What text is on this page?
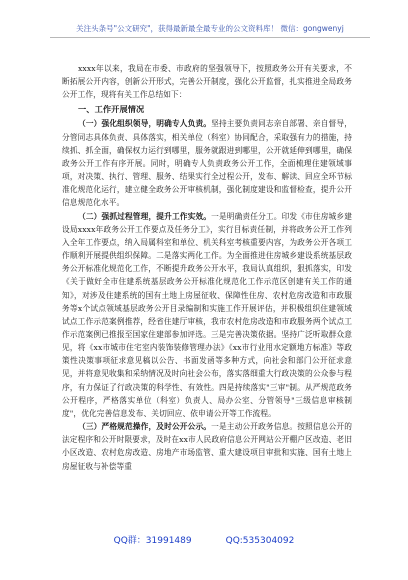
关注头条号"公文研究"，获得最新最全最专业的公文资料库！ 微信：gongwenyj

xxxx年以来，我局在市委、市政府的坚强领导下，按照政务公开有关要求，不断拓展公开内容，创新公开形式，完善公开制度，强化公开监督，扎实推进全局政务公开工作，现将有关工作总结如下：

一、工作开展情况

（一）强化组织领导，明确专人负责。坚持主要负责同志亲自部署、亲自督导，分管同志具体负责、具体落实，相关单位（科室）协同配合，采取强有力的措施，持续抓、抓全面，确保权力运行到哪里，服务就跟进到哪里，公开就延伸到哪里，确保政务公开工作有序开展。同时，明确专人负责政务公开工作，全面梳理住建领域事项，对决策、执行、管理、服务、结果实行全过程公开，发布、解读、回应全环节标准化规范化运行，建立健全政务公开审核机制，强化制度建设和监督检查，提升公开信息规范化水平。

（二）强抓过程管理，提升工作实效。一是明确责任分工。印发《市住房城乡建设局xxxx年政务公开工作要点及任务分工》，实行目标责任制，并将政务公开工作列入全年工作要点，纳入局属科室和单位、机关科室考核重要内容，为政务公开各项工作顺利开展提供组织保障。二是落实两化工作。为全面推进住房城乡建设系统基层政务公开标准化规范化工作，不断提升政务公开水平，我局认真组织，狠抓落实，印发《关于做好全市住建系统基层政务公开标准化规范化工作示范区创建有关工作的通知》，对涉及住建系统的国有土地上房屋征收、保障性住房、农村危房改造和市政服务等x个试点领域基层政务公开目录编制和实施工作开展评估，并积极组织住建领域试点工作示范案例推荐，经省住建厅审核，我市农村危房改造和市政服务两个试点工作示范案例已推报至国家住建部参加评选。三是完善决策依据。坚持广泛听取群众意见，将《xx市城市住宅室内装饰装修管理办法》《xx市行业用水定额地方标准》等政策性决策事项征求意见稿以公告、书面发函等多种方式，向社会和部门公开征求意见，并将意见收集和采纳情况及时向社会公布，落实落细重大行政决策的公众参与程序，有力保证了行政决策的科学性、有效性。四是持续落实"三审"制。从严规范政务公开程序，严格落实单位（科室）负责人、局办公室、分管领导"三级信息审核制度"，优化完善信息发布、关切回应、依申请公开等工作流程。

（三）严格规范操作，及时公开公示。一是主动公开政务信息。按照信息公开的法定程序和公开时限要求，及时在xx市人民政府信息公开网站公开棚户区改造、老旧小区改造、农村危房改造、房地产市场监管、重大建设项目审批和实施、国有土地上房屋征收与补偿等重

QQ群：31991489	QQ:535304092
